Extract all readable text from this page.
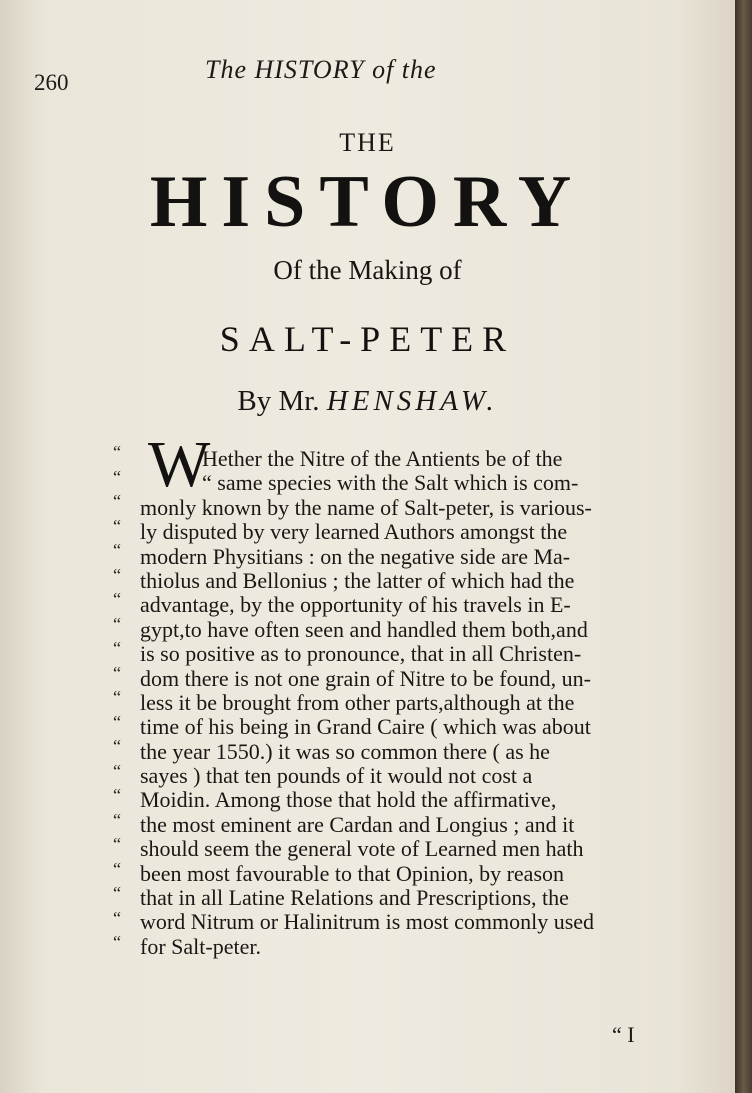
260	The HISTORY of the
THE
HISTORY
Of the Making of
SALT-PETER
By Mr. HENSHAW.
“
“
“
“
“
“
“
“
“
“
“
“
“
“
“
“
“
“
“
“
“
W
Hether the Nitre of the Antients be of the
“ same species with the Salt which is com-
monly known by the name of Salt-peter, is various-
ly disputed by very learned Authors amongst the
modern Physitians : on the negative side are Ma-
thiolus and Bellonius ; the latter of which had the
advantage, by the opportunity of his travels in E-
gypt,to have often seen and handled them both,and
is so positive as to pronounce, that in all Christen-
dom there is not one grain of Nitre to be found, un-
less it be brought from other parts,although at the
time of his being in Grand Caire ( which was about
the year 1550.) it was so common there ( as he
sayes ) that ten pounds of it would not cost a
Moidin. Among those that hold the affirmative,
the most eminent are Cardan and Longius ; and it
should seem the general vote of Learned men hath
been most favourable to that Opinion, by reason
that in all Latine Relations and Prescriptions, the
word Nitrum or Halinitrum is most commonly used
for Salt-peter.
“ I
